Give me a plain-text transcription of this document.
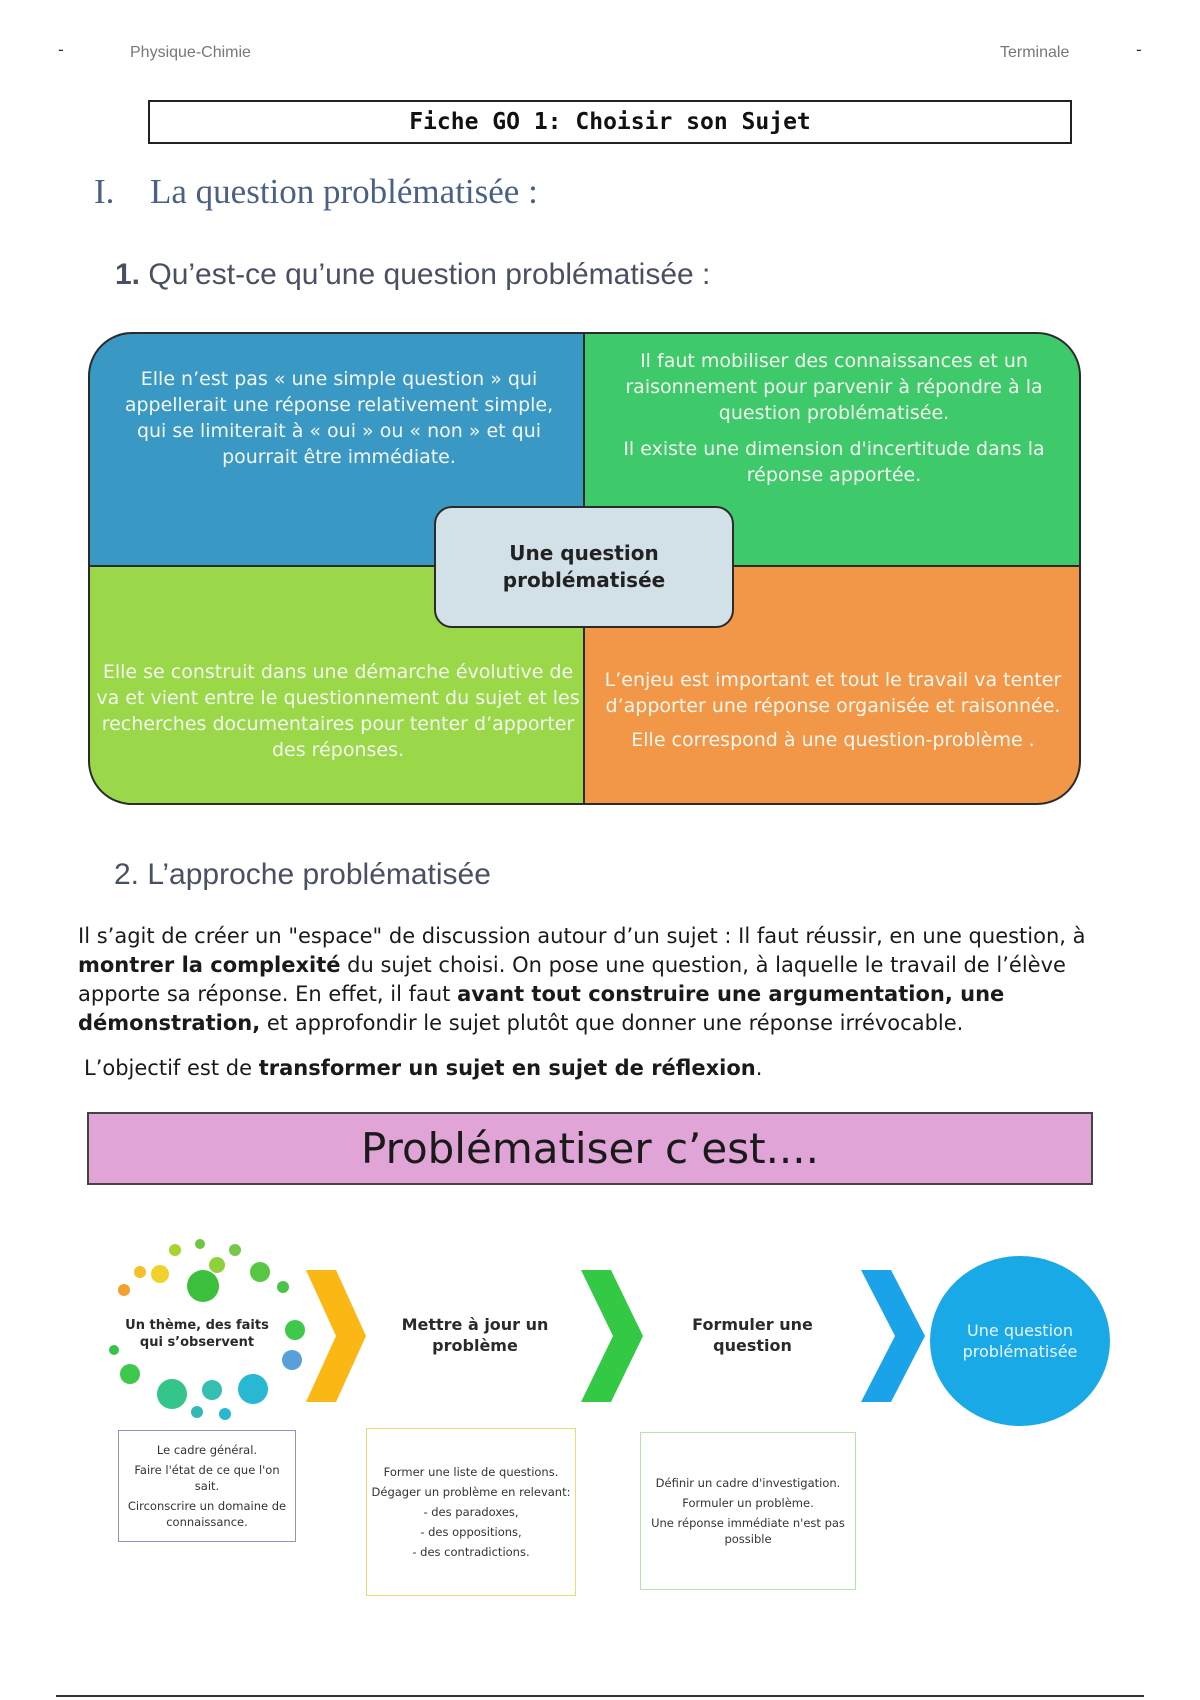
-	Physique-Chimie	Terminale	-
Fiche GO 1: Choisir son Sujet
I. La question problématisée :
1. Qu’est-ce qu’une question problématisée :

Elle n’est pas « une simple question » qui appellerait une réponse relativement simple, qui se limiterait à « oui » ou « non » et qui pourrait être immédiate.

Il faut mobiliser des connaissances et un raisonnement pour parvenir à répondre à la question problématisée.

Il existe une dimension d'incertitude dans la réponse apportée.

Elle se construit dans une démarche évolutive de va et vient entre le questionnement du sujet et les recherches documentaires pour tenter d’apporter des réponses.

L’enjeu est important et tout le travail va tenter d’apporter une réponse organisée et raisonnée.

Elle correspond à une question-problème .

Une question problématisée
2. L’approche problématisée

Il s’agit de créer un "espace" de discussion autour d’un sujet : Il faut réussir, en une question, à montrer la complexité du sujet choisi. On pose une question, à laquelle le travail de l’élève apporte sa réponse. En effet, il faut avant tout construire une argumentation, une démonstration, et approfondir le sujet plutôt que donner une réponse irrévocable.

L’objectif est de transformer un sujet en sujet de réflexion.
Problématiser c’est....
Un thème, des faits qui s’observent
Mettre à jour un problème
Formuler une question
Une question problématisée
Le cadre général.
Faire l'état de ce que l'on sait.
Circonscrire un domaine de connaissance.
Former une liste de questions.
Dégager un problème en relevant:
- des paradoxes,
- des oppositions,
- des contradictions.
Définir un cadre d'investigation.
Formuler un problème.
Une réponse immédiate n'est pas possible
